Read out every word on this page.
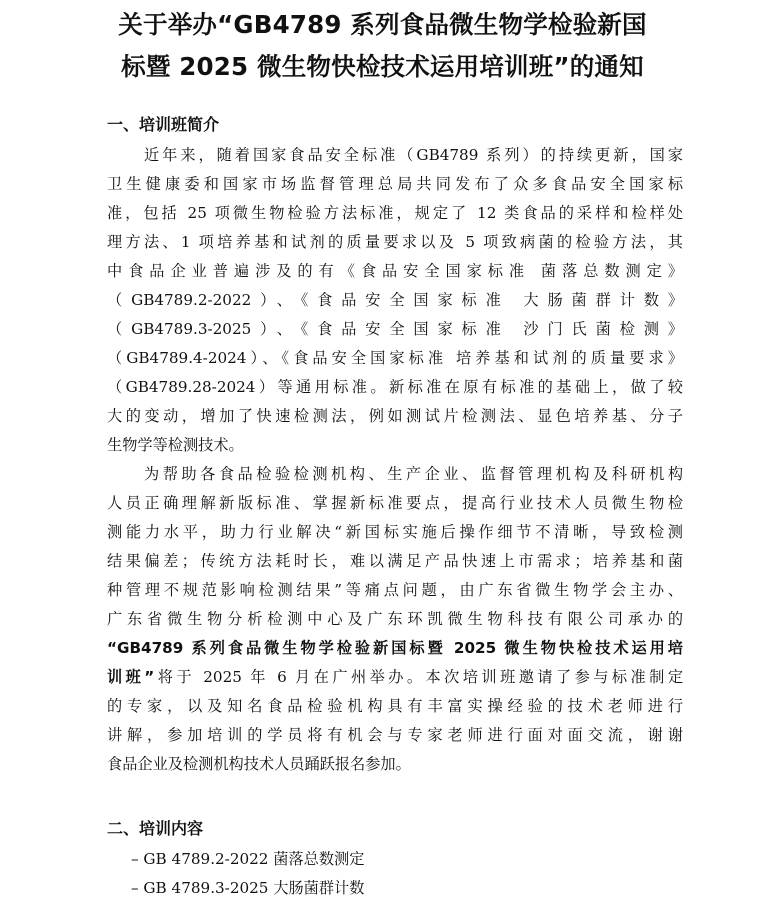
关于举办“GB4789 系列食品微生物学检验新国
标暨 2025 微生物快检技术运用培训班”的通知
一、培训班简介
近年来，随着国家食品安全标准（GB4789 系列）的持续更新，国家
卫生健康委和国家市场监督管理总局共同发布了众多食品安全国家标
准，包括 25 项微生物检验方法标准，规定了 12 类食品的采样和检样处
理方法、1 项培养基和试剂的质量要求以及 5 项致病菌的检验方法，其
中食品企业普遍涉及的有《食品安全国家标准 菌落总数测定》
（GB4789.2-2022）、《食品安全国家标准 大肠菌群计数》
（GB4789.3-2025）、《食品安全国家标准 沙门氏菌检测》
（GB4789.4-2024）、《食品安全国家标准 培养基和试剂的质量要求》
（GB4789.28-2024）等通用标准。新标准在原有标准的基础上，做了较
大的变动，增加了快速检测法，例如测试片检测法、显色培养基、分子
生物学等检测技术。
为帮助各食品检验检测机构、生产企业、监督管理机构及科研机构
人员正确理解新版标准、掌握新标准要点，提高行业技术人员微生物检
测能力水平，助力行业解决“新国标实施后操作细节不清晰，导致检测
结果偏差；传统方法耗时长，难以满足产品快速上市需求；培养基和菌
种管理不规范影响检测结果”等痛点问题，由广东省微生物学会主办、
广东省微生物分析检测中心及广东环凯微生物科技有限公司承办的
“GB4789 系列食品微生物学检验新国标暨 2025 微生物快检技术运用培
训班”将于 2025 年 6 月在广州举办。本次培训班邀请了参与标准制定
的专家，以及知名食品检验机构具有丰富实操经验的技术老师进行
讲解，参加培训的学员将有机会与专家老师进行面对面交流，谢谢
食品企业及检测机构技术人员踊跃报名参加。
二、培训内容
– GB 4789.2-2022 菌落总数测定
– GB 4789.3-2025 大肠菌群计数
